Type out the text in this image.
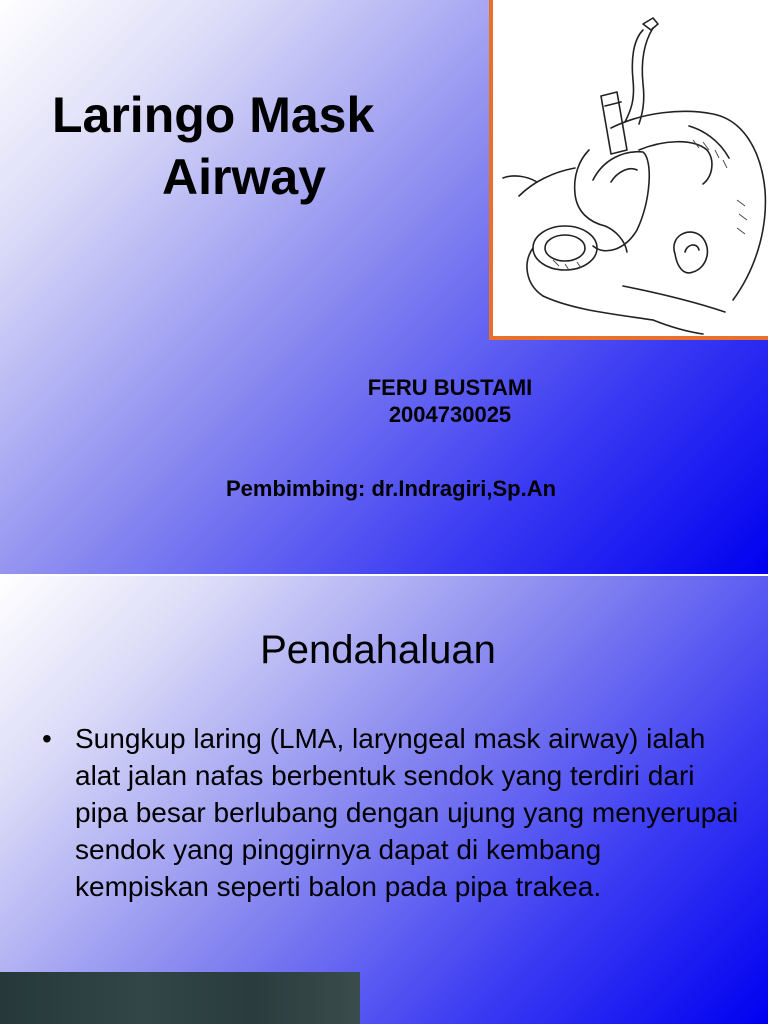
Laringo Mask
Airway
FERU BUSTAMI
2004730025
Pembimbing: dr.Indragiri,Sp.An
Pendahaluan
• Sungkup laring (LMA, laryngeal mask airway) ialah alat jalan nafas berbentuk sendok yang terdiri dari pipa besar berlubang dengan ujung yang menyerupai sendok yang pinggirnya dapat di kembang kempiskan seperti balon pada pipa trakea.
